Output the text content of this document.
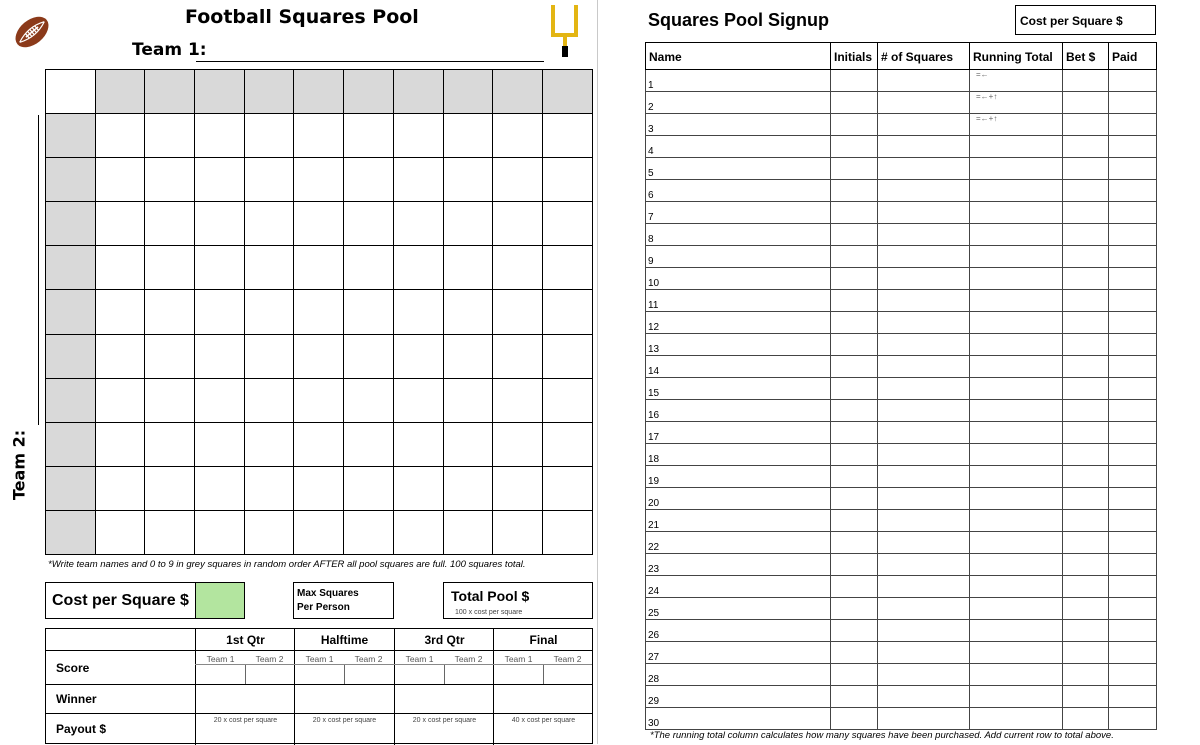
Football Squares Pool
Team 1:
Team 2:
*Write team names and 0 to 9 in grey squares in random order AFTER all pool squares are full. 100 squares total.
Cost per Square $	Max Squares
Per Person
Total Pool $
100 x cost per square
1st Qtr	Halftime	3rd Qtr	Final
Team 1	Team 2	Team 1	Team 2	Team 1	Team 2	Team 1	Team 2
Score
Winner
Payout $
20 x cost per square	20 x cost per square	20 x cost per square	40 x cost per square
Squares Pool Signup	Cost per Square $
Name	Initials	# of Squares	Running Total	Bet $	Paid
1			=←		
2			=←+↑		
3			=←+↑		
4					
5					
6					
7					
8					
9					
10					
11					
12					
13					
14					
15					
16					
17					
18					
19					
20					
21					
22					
23					
24					
25					
26					
27					
28					
29					
30					
*The running total column calculates how many squares have been purchased. Add current row to total above.
